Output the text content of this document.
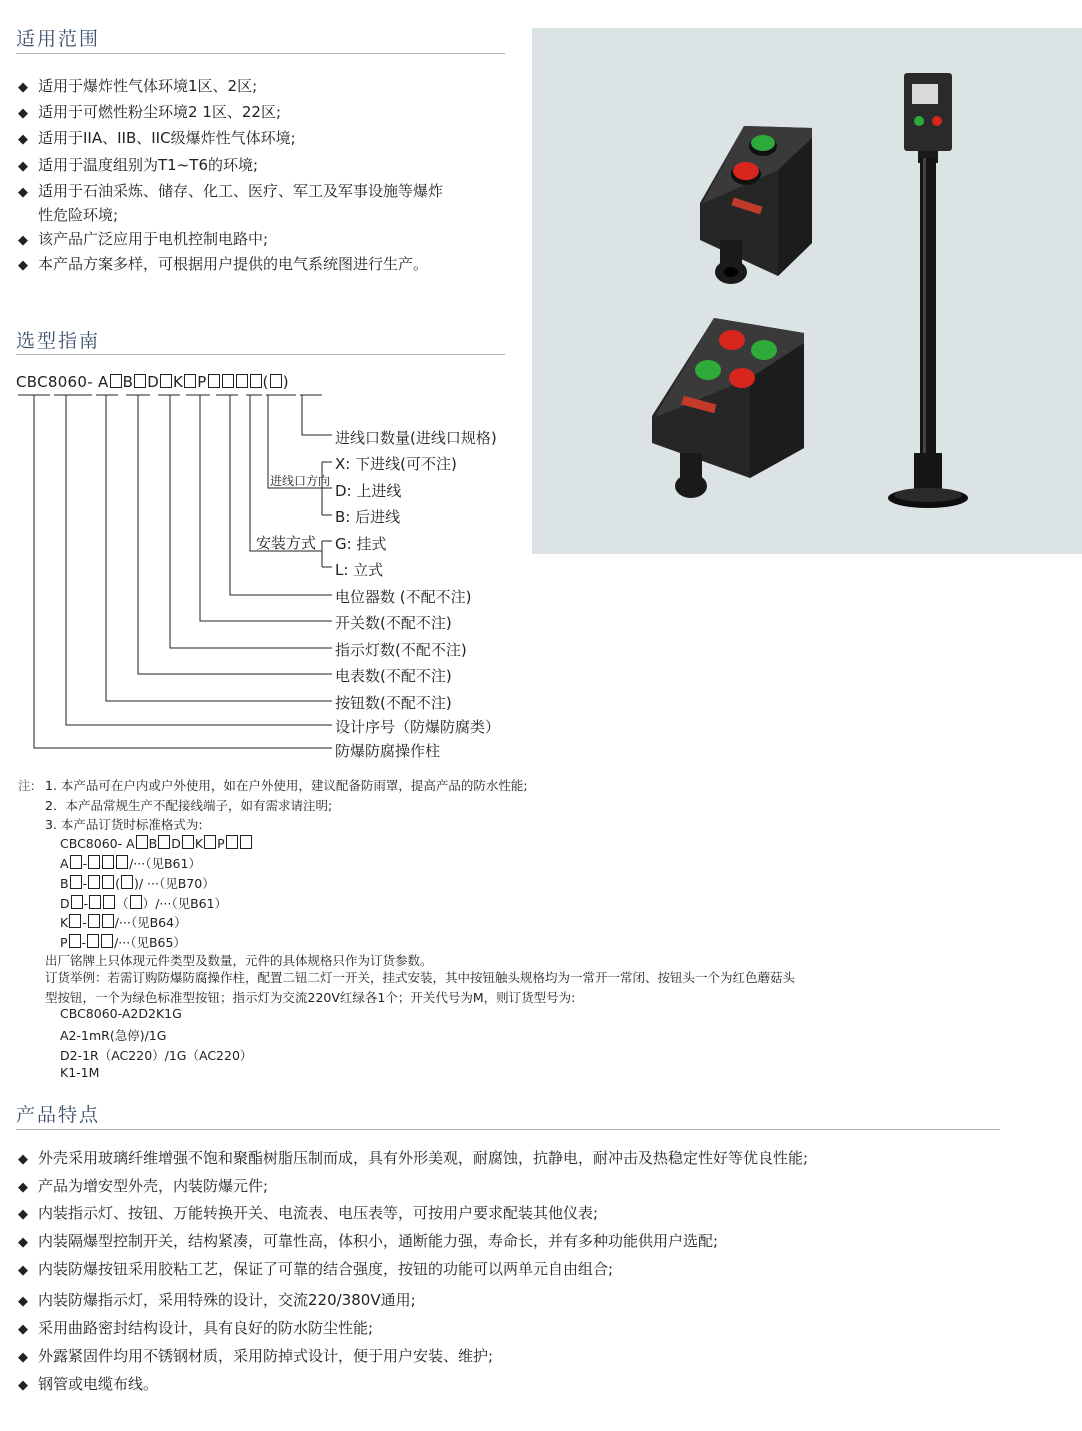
适用范围
◆ 适用于爆炸性气体环境1区、2区;
◆ 适用于可燃性粉尘环境2 1区、22区;
◆ 适用于IIA、IIB、IIC级爆炸性气体环境;
◆ 适用于温度组别为T1~T6的环境;
◆ 适用于石油采炼、储存、化工、医疗、军工及军事设施等爆炸
性危险环境;
◆ 该产品广泛应用于电机控制电路中;
◆ 本产品方案多样，可根据用户提供的电气系统图进行生产。
选型指南
CBC8060- A B D K P	( )
进线口数量(进线口规格)
进线口方向
X: 下进线(可不注)
D: 上进线
B: 后进线
安装方式 G: 挂式
L: 立式
电位器数 (不配不注)
开关数(不配不注)
指示灯数(不配不注)
电表数(不配不注)
按钮数(不配不注)
设计序号（防爆防腐类）
防爆防腐操作柱
注: 1. 本产品可在户内或户外使用，如在户外使用，建议配备防雨罩，提高产品的防水性能;
2．本产品常规生产不配接线端子，如有需求请注明;
3. 本产品订货时标准格式为:
CBC8060- A B D K P
A -	/···（见B61）
B - ( )/ ···（见B70）
D - （ ）/···（见B61）
K - /···（见B64）
P - /···（见B65）
出厂铭牌上只体现元件类型及数量，元件的具体规格只作为订货参数。
订货举例：若需订购防爆防腐操作柱，配置二钮二灯一开关，挂式安装，其中按钮触头规格均为一常开一常闭、按钮头一个为红色蘑菇头
型按钮，一个为绿色标准型按钮；指示灯为交流220V红绿各1个；开关代号为M，则订货型号为:
CBC8060-A2D2K1G
A2-1mR(急停)/1G
D2-1R（AC220）/1G（AC220）
K1-1M
产品特点
◆ 外壳采用玻璃纤维增强不饱和聚酯树脂压制而成，具有外形美观，耐腐蚀，抗静电，耐冲击及热稳定性好等优良性能;
◆ 产品为增安型外壳，内装防爆元件;
◆ 内装指示灯、按钮、万能转换开关、电流表、电压表等，可按用户要求配装其他仪表;
◆ 内装隔爆型控制开关，结构紧凑，可靠性高，体积小，通断能力强，寿命长，并有多种功能供用户选配;
◆ 内装防爆按钮采用胶粘工艺，保证了可靠的结合强度，按钮的功能可以两单元自由组合;
◆ 内装防爆指示灯，采用特殊的设计，交流220/380V通用;
◆ 采用曲路密封结构设计，具有良好的防水防尘性能;
◆ 外露紧固件均用不锈钢材质，采用防掉式设计，便于用户安装、维护;
◆ 钢管或电缆布线。
